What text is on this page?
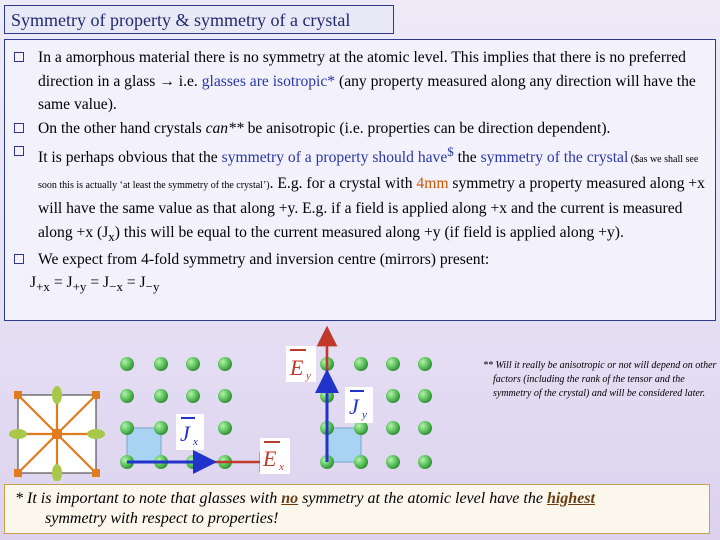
Symmetry of property & symmetry of a crystal
In a amorphous material there is no symmetry at the atomic level. This implies that there is no preferred direction in a glass → i.e. glasses are isotropic* (any property measured along any direction will have the same value).
On the other hand crystals can** be anisotropic (i.e. properties can be direction dependent).
It is perhaps obvious that the symmetry of a property should have$ the symmetry of the crystal ($as we shall see soon this is actually ‘at least the symmetry of the crystal’). E.g. for a crystal with 4mm symmetry a property measured along +x will have the same value as that along +y. E.g. if a field is applied along +x and the current is measured along +x $(J_x)$ this will be equal to the current measured along +y (if field is applied along +y).
We expect from 4-fold symmetry and inversion centre (mirrors) present:
$J_{+x} = J_{+y} = J_{-x} = J_{-y}$
E y
J y
J x
E x
** Will it really be anisotropic or not will depend on other factors (including the rank of the tensor and the symmetry of the crystal) and will be considered later.
* It is important to note that glasses with no symmetry at the atomic level have the highest
symmetry with respect to properties!
